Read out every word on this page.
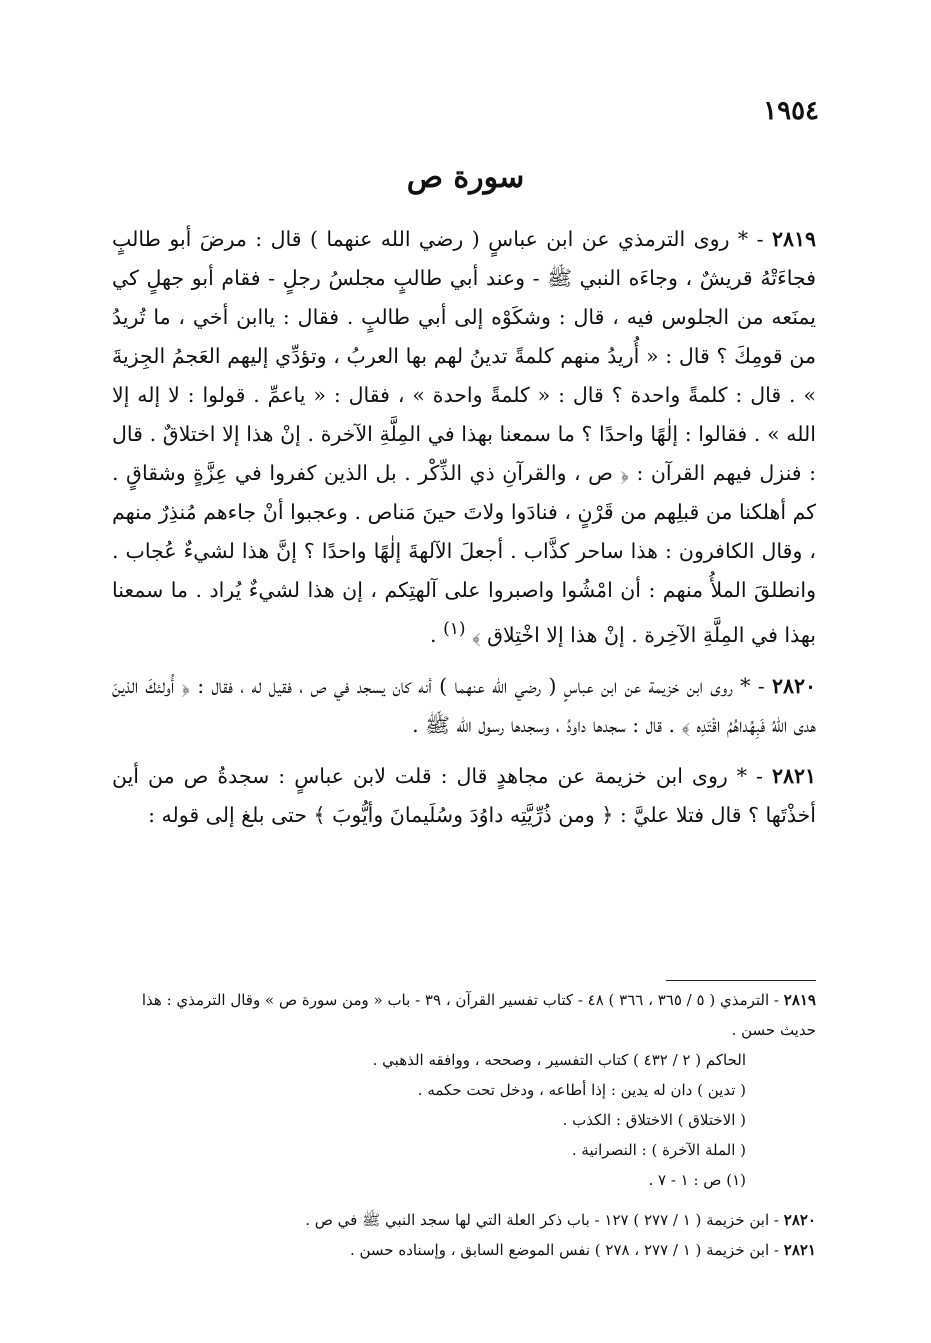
١٩٥٤
سورة ص

٢٨١٩ - * روى الترمذي عن ابن عباسٍ ( رضي الله عنهما ) قال : مرضَ أبو طالبٍ فجاءَتْهُ قريشٌ ، وجاءَه النبي ﷺ - وعند أبي طالبٍ مجلسُ رجلٍ - فقام أبو جهلٍ كي يمنَعه من الجلوس فيه ، قال : وشكَوْه إلى أبي طالبٍ . فقال : ياابن أخي ، ما تُريدُ من قومِكَ ؟ قال : « أُريدُ منهم كلمةً تدينُ لهم بها العربُ ، وتؤدِّي إليهم العَجمُ الجِزيةَ » . قال : كلمةً واحدة ؟ قال : « كلمةً واحدة » ، فقال : « ياعمِّ . قولوا : لا إله إلا الله » . فقالوا : إلٰهًا واحدًا ؟ ما سمعنا بهذا في المِلَّةِ الآخرة . إنْ هذا إلا اختلاقٌ . قال : فنزل فيهم القرآن : ﴿ ص ، والقرآنِ ذي الذِّكْر . بل الذين كفروا في عِزَّةٍ وشقاقٍ . كم أهلكنا من قبلِهم من قَرْنٍ ، فنادَوا ولاتَ حينَ مَناص . وعجبوا أنْ جاءهم مُنذِرٌ منهم ، وقال الكافرون : هذا ساحر كذَّاب . أجعلَ الآلهةَ إلٰهًا واحدًا ؟ إنَّ هذا لشيءٌ عُجاب . وانطلقَ الملأُ منهم : أن امْشُوا واصبروا على آلهتِكم ، إن هذا لشيءٌ يُراد . ما سمعنا بهذا في المِلَّةِ الآخِرة . إنْ هذا إلا اخْتِلاق ﴾ $^{(١)}$ .

٢٨٢٠ - * روى ابن خزيمة عن ابن عباسٍ ( رضي الله عنهما ) أنه كان يسجد في ص ، فقيل له ، فقال : ﴿ أُولئكَ الذينَ هدى اللهُ فَبِهُداهُمُ اقْتَدِه ﴾ . قال : سجدها داودُ ، وسجدها رسول الله ﷺ .

٢٨٢١ - * روى ابن خزيمة عن مجاهدٍ قال : قلت لابن عباسٍ : سجدةُ ص من أين أخذْتَها ؟ قال فتلا عليَّ : ﴿ ومن ذُرِّيَّتِه داوُدَ وسُلَيمانَ وأيُّوبَ ﴾ حتى بلغ إلى قوله :

٢٨١٩ - الترمذي ( ٥ / ٣٦٥ ، ٣٦٦ ) ٤٨ - كتاب تفسير القرآن ، ٣٩ - باب « ومن سورة ص » وقال الترمذي : هذا حديث حسن .

الحاكم ( ٢ / ٤٣٢ ) كتاب التفسير ، وصححه ، ووافقه الذهبي .

( تدين ) دان له يدين : إذا أطاعه ، ودخل تحت حكمه .

( الاختلاق ) الاختلاق : الكذب .

( الملة الآخرة ) : النصرانية .

(١) ص : ١ - ٧ .

٢٨٢٠ - ابن خزيمة ( ١ / ٢٧٧ ) ١٢٧ - باب ذكر العلة التي لها سجد النبي ﷺ في ص .

٢٨٢١ - ابن خزيمة ( ١ / ٢٧٧ ، ٢٧٨ ) نفس الموضع السابق ، وإسناده حسن .
